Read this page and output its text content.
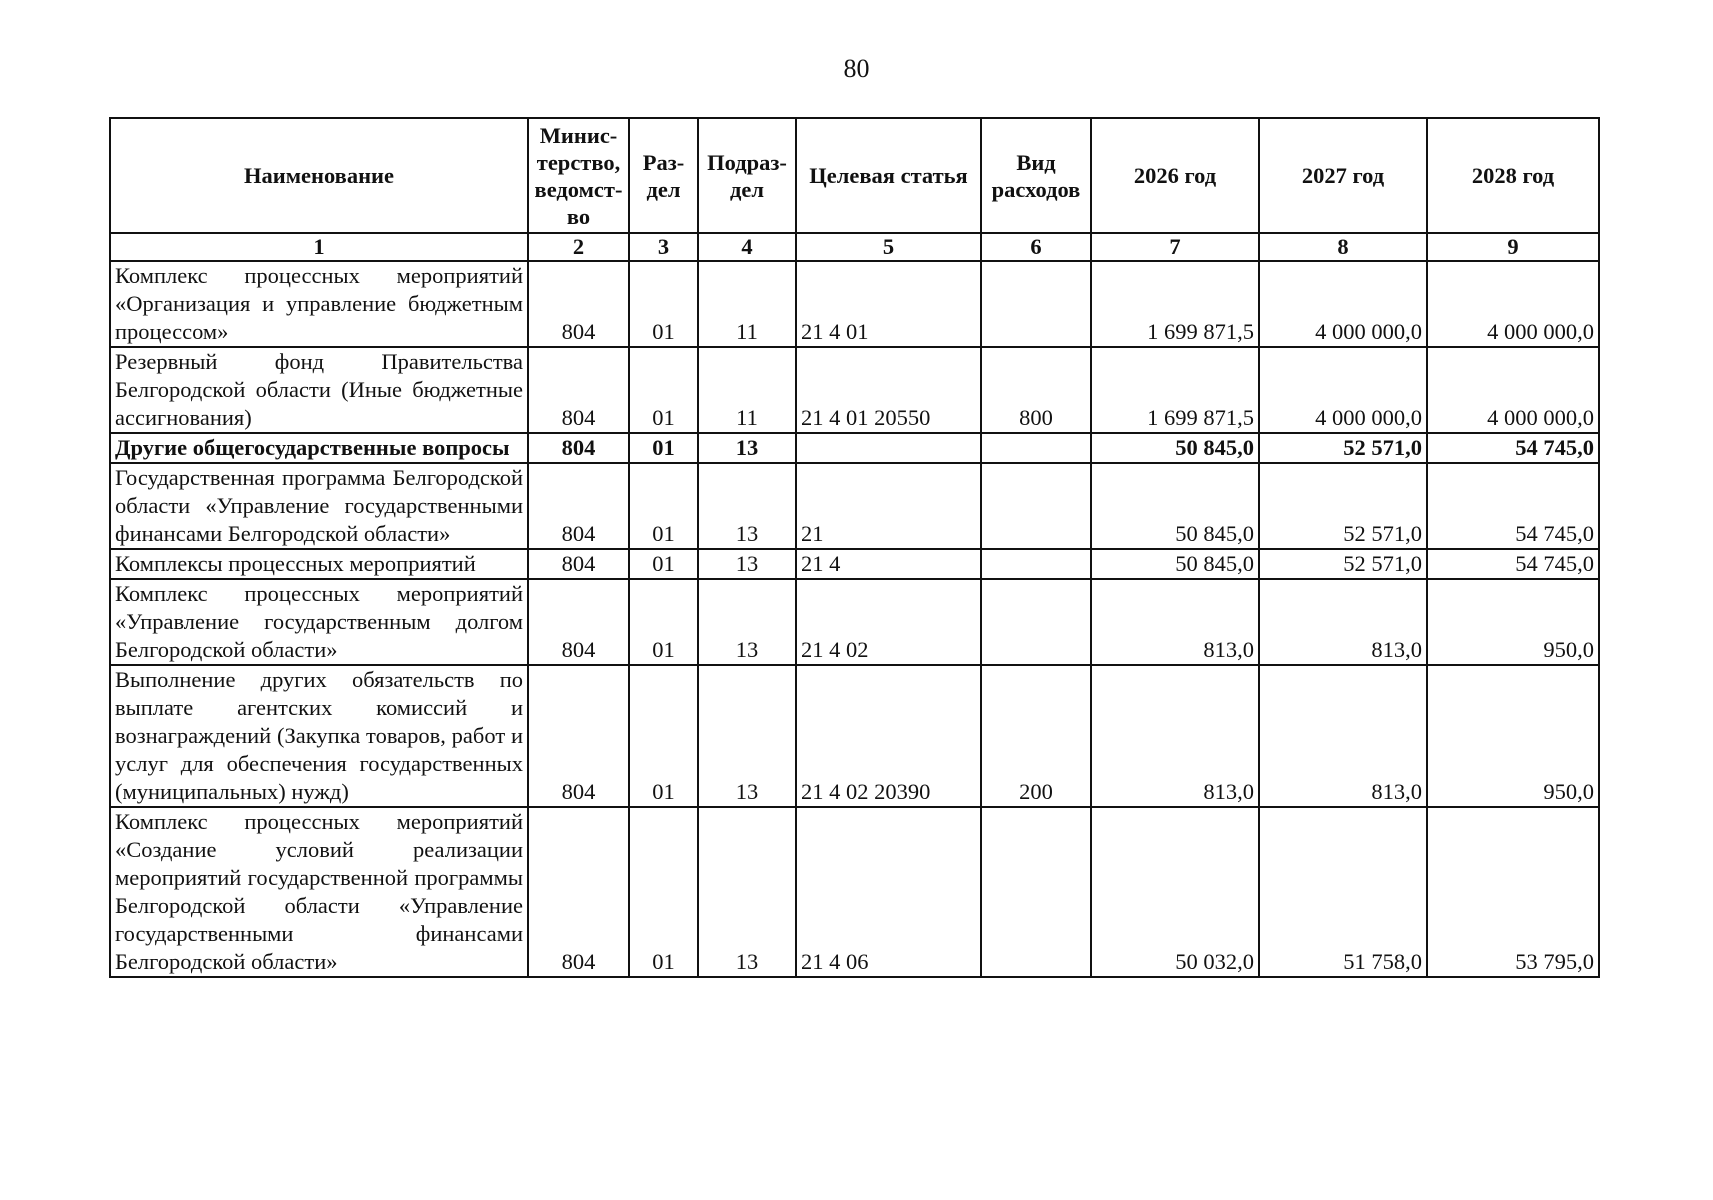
80
Наименование	Минис-терство, ведомст-во	Раз-дел	Подраз-дел	Целевая статья	Вид расходов	2026 год	2027 год	2028 год
1	2	3	4	5	6	7	8	9
Комплекс процессных мероприятий «Организация и управление бюджетным процессом»	804	01	11	21 4 01		1 699 871,5	4 000 000,0	4 000 000,0
Резервный фонд Правительства Белгородской области (Иные бюджетные ассигнования)	804	01	11	21 4 01 20550	800	1 699 871,5	4 000 000,0	4 000 000,0
Другие общегосударственные вопросы	804	01	13			50 845,0	52 571,0	54 745,0
Государственная программа Белгородской области «Управление государственными финансами Белгородской области»	804	01	13	21		50 845,0	52 571,0	54 745,0
Комплексы процессных мероприятий	804	01	13	21 4		50 845,0	52 571,0	54 745,0
Комплекс процессных мероприятий «Управление государственным долгом Белгородской области»	804	01	13	21 4 02		813,0	813,0	950,0
Выполнение других обязательств по выплате агентских комиссий и вознаграждений (Закупка товаров, работ и услуг для обеспечения государственных (муниципальных) нужд)	804	01	13	21 4 02 20390	200	813,0	813,0	950,0
Комплекс процессных мероприятий «Создание условий реализации мероприятий государственной программы Белгородской области «Управление государственными финансами Белгородской области»	804	01	13	21 4 06		50 032,0	51 758,0	53 795,0
